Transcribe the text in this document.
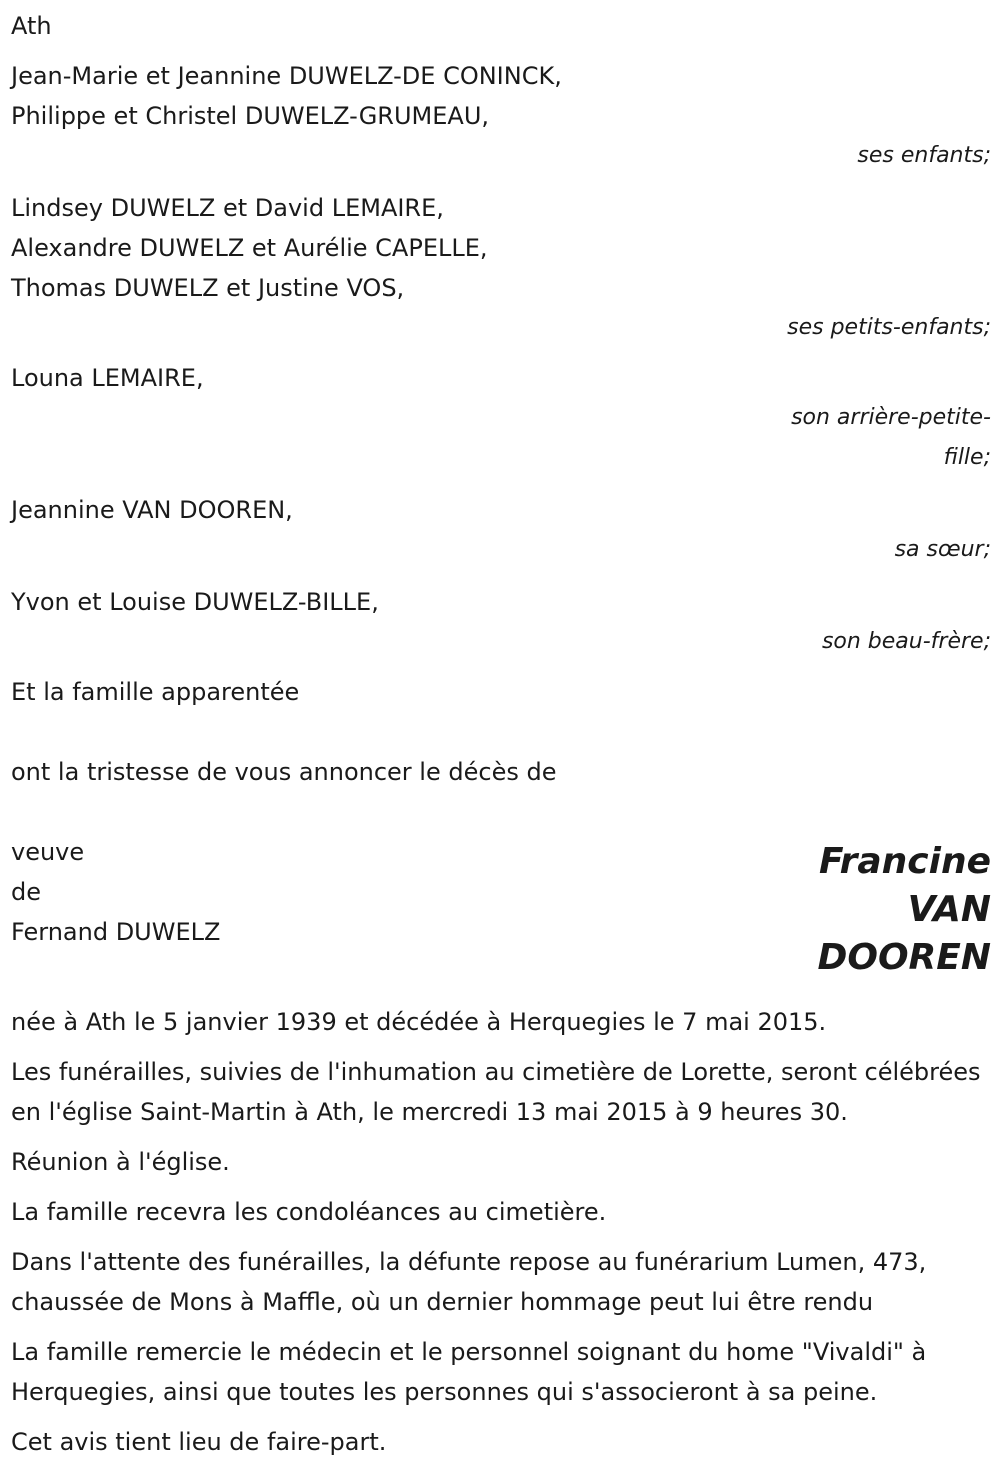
Ath
Jean-Marie et Jeannine DUWELZ-DE CONINCK,
Philippe et Christel DUWELZ-GRUMEAU,
ses enfants;
Lindsey DUWELZ et David LEMAIRE,
Alexandre DUWELZ et Aurélie CAPELLE,
Thomas DUWELZ et Justine VOS,
ses petits-enfants;
Louna LEMAIRE,
son arrière-petite-fille;
Jeannine VAN DOOREN,
sa sœur;
Yvon et Louise DUWELZ-BILLE,
son beau-frère;
Et la famille apparentée
ont la tristesse de vous annoncer le décès de
veuve
de
Fernand DUWELZ
Francine
VAN
DOOREN
née à Ath le 5 janvier 1939 et décédée à Herquegies le 7 mai 2015.
Les funérailles, suivies de l'inhumation au cimetière de Lorette, seront célébrées en l'église Saint-Martin à Ath, le mercredi 13 mai 2015 à 9 heures 30.
Réunion à l'église.
La famille recevra les condoléances au cimetière.
Dans l'attente des funérailles, la défunte repose au funérarium Lumen, 473, chaussée de Mons à Maffle, où un dernier hommage peut lui être rendu
La famille remercie le médecin et le personnel soignant du home "Vivaldi" à Herquegies, ainsi que toutes les personnes qui s'associeront à sa peine.
Cet avis tient lieu de faire-part.
